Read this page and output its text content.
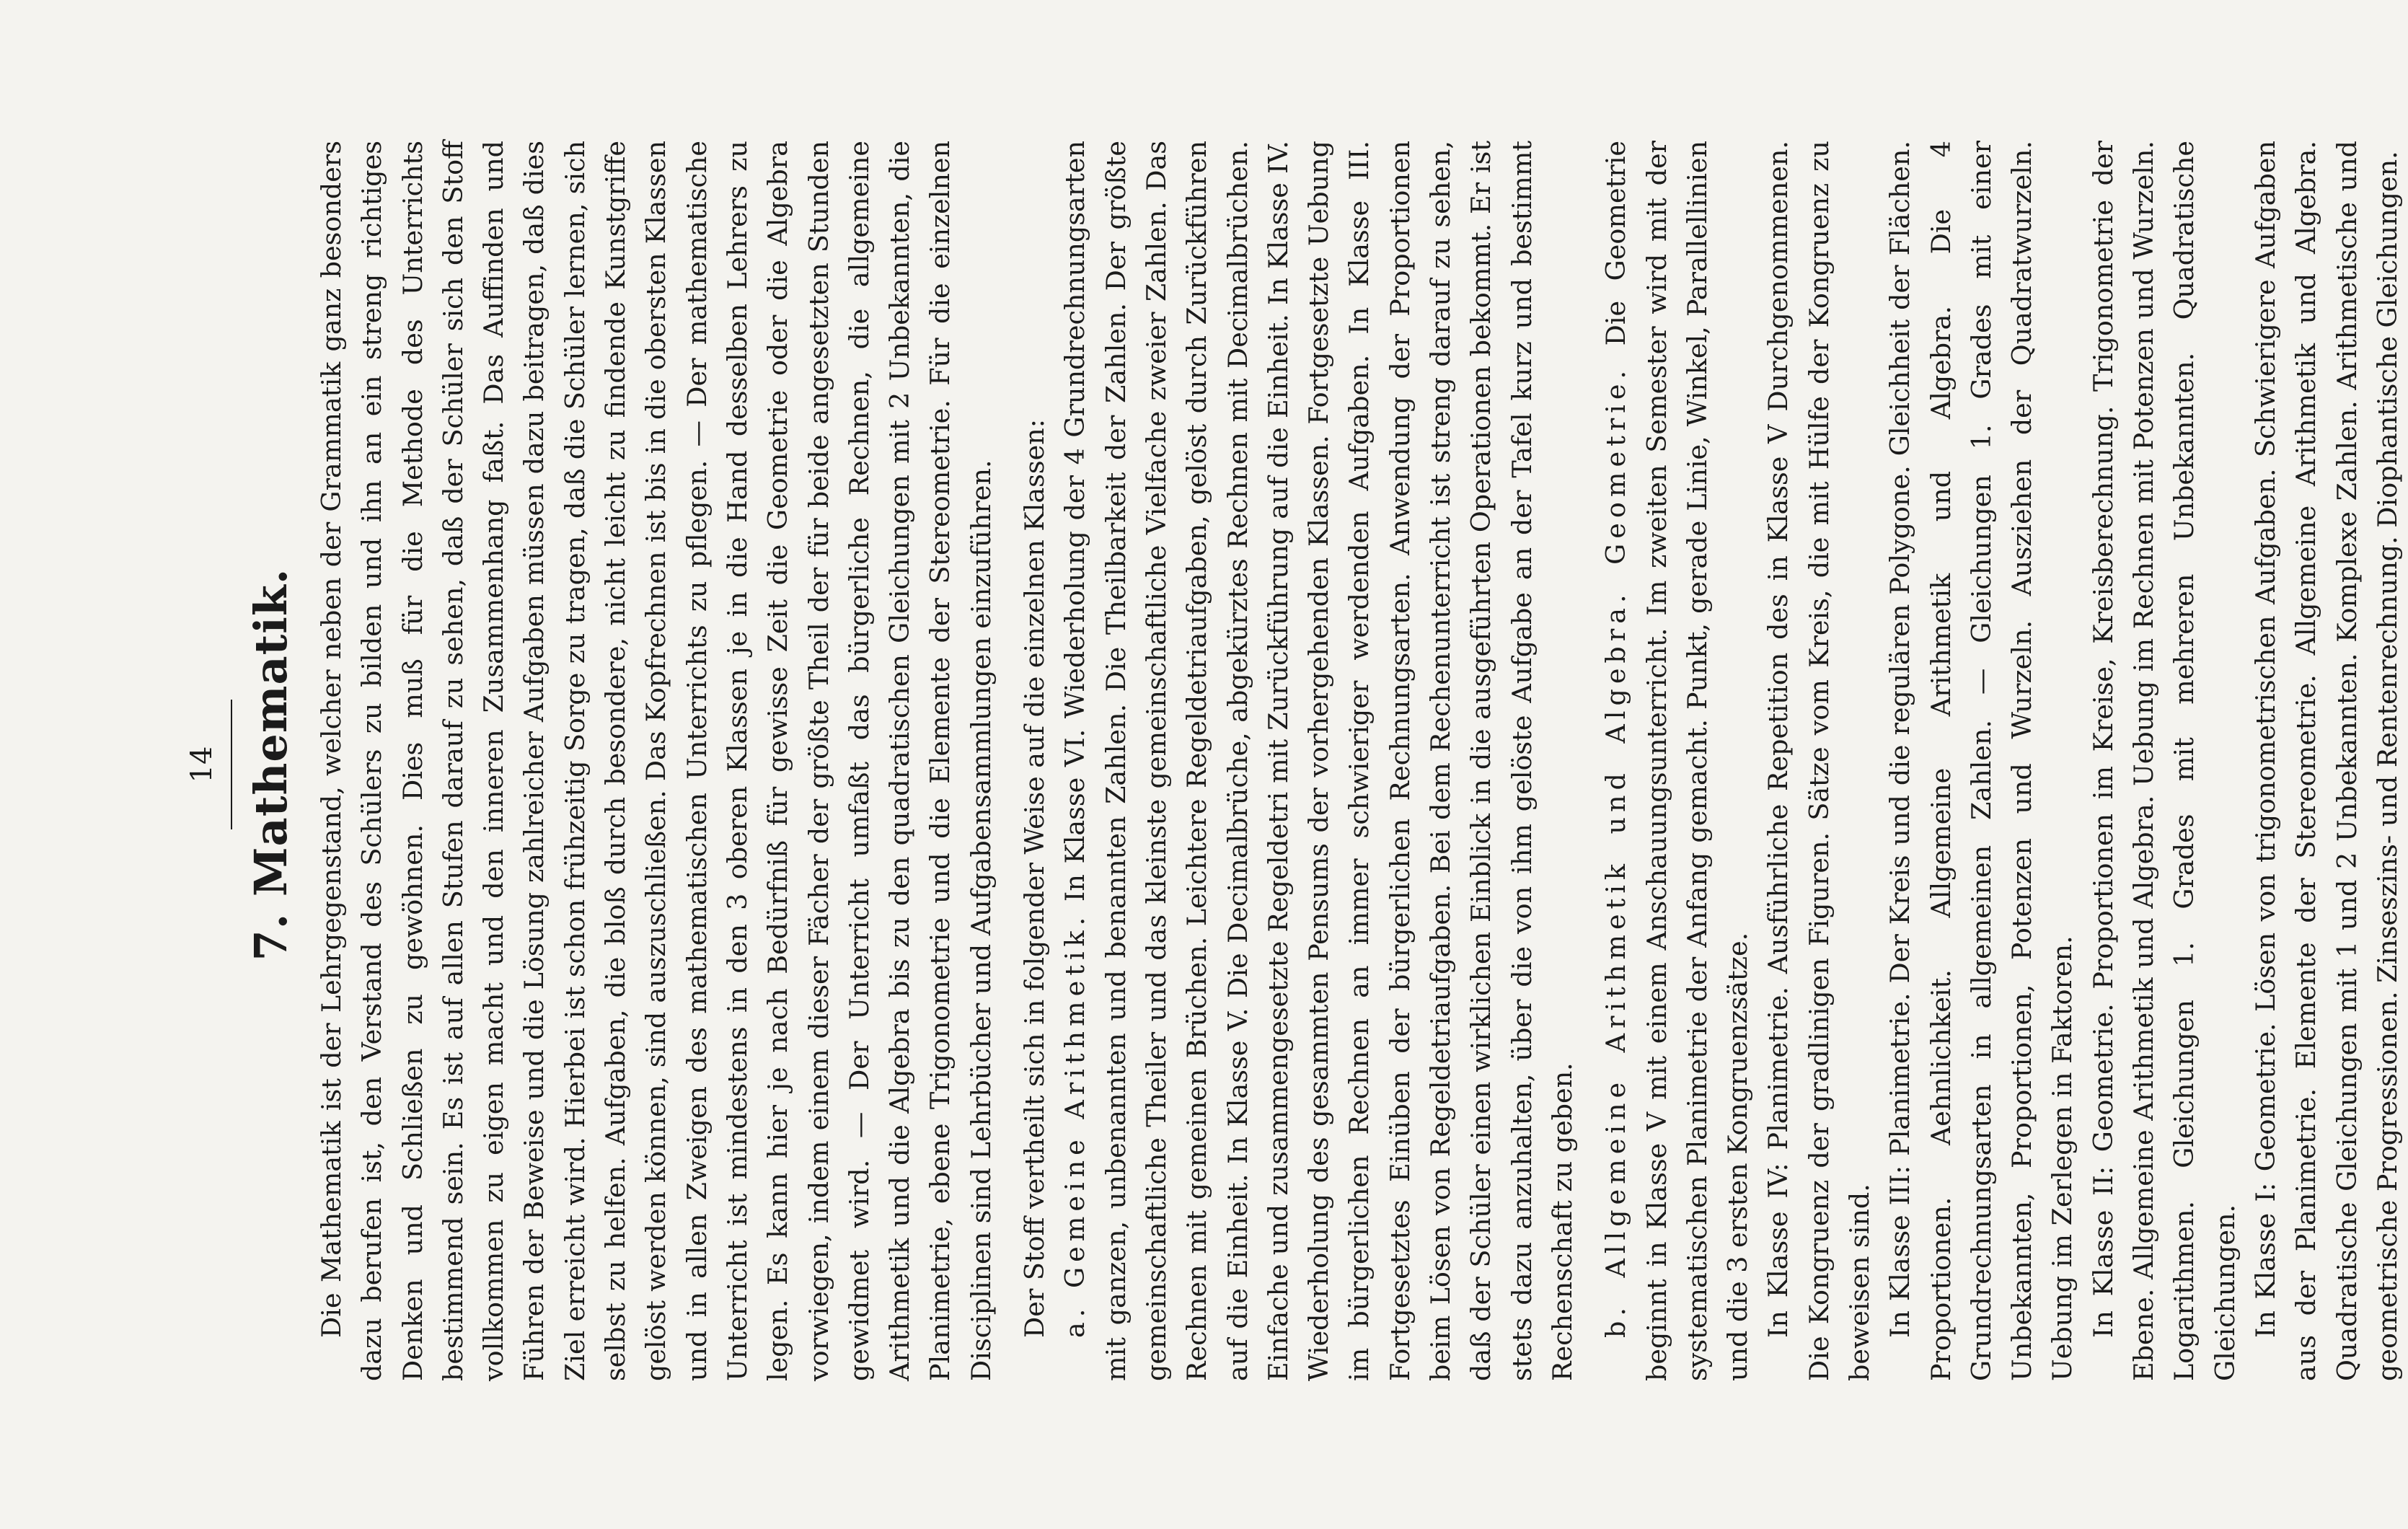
14 7. Mathematik. Die Mathematik ist der Lehrgegenstand, welcher neben der Grammatik ganz besonders dazu berufen ist, den Verstand des Schülers zu bilden und ihn an ein streng richtiges Denken und Schließen zu gewöhnen. Dies muß für die Methode des Unterrichts bestimmend sein. Es ist auf allen Stufen darauf zu sehen, daß der Schüler sich den Stoff vollkommen zu eigen macht und den inneren Zusammenhang faßt. Das Auffinden und Führen der Beweise und die Lösung zahlreicher Aufgaben müssen dazu beitragen, daß dies Ziel erreicht wird. Hierbei ist schon frühzeitig Sorge zu tragen, daß die Schüler lernen, sich selbst zu helfen. Aufgaben, die bloß durch besondere, nicht leicht zu findende Kunstgriffe gelöst werden können, sind auszuschließen. Das Kopfrechnen ist bis in die obersten Klassen und in allen Zweigen des mathematischen Unterrichts zu pflegen. — Der mathematische Unterricht ist mindestens in den 3 oberen Klassen je in die Hand desselben Lehrers zu legen. Es kann hier je nach Bedürfniß für gewisse Zeit die Geometrie oder die Algebra vorwiegen, indem einem dieser Fächer der größte Theil der für beide angesetzten Stunden gewidmet wird. — Der Unterricht umfaßt das bürgerliche Rechnen, die allgemeine Arithmetik und die Algebra bis zu den quadratischen Gleichungen mit 2 Unbekannten, die Planimetrie, ebene Trigonometrie und die Elemente der Stereometrie. Für die einzelnen Disciplinen sind Lehrbücher und Aufgabensammlungen einzuführen. Der Stoff vertheilt sich in folgender Weise auf die einzelnen Klassen: a. Gemeine Arithmetik. In Klasse VI. Wiederholung der 4 Grundrechnungsarten mit ganzen, unbenannten und benannten Zahlen. Die Theilbarkeit der Zahlen. Der größte gemeinschaftliche Theiler und das kleinste gemeinschaftliche Vielfache zweier Zahlen. Das Rechnen mit gemeinen Brüchen. Leichtere Regeldetriaufgaben, gelöst durch Zurückführen auf die Einheit. In Klasse V. Die Decimalbrüche, abgekürztes Rechnen mit Decimalbrüchen. Einfache und zusammengesetzte Regeldetri mit Zurückführung auf die Einheit. In Klasse IV. Wiederholung des gesammten Pensums der vorhergehenden Klassen. Fortgesetzte Uebung im bürgerlichen Rechnen an immer schwieriger werdenden Aufgaben. In Klasse III. Fortgesetztes Einüben der bürgerlichen Rechnungsarten. Anwendung der Proportionen beim Lösen von Regeldetriaufgaben. Bei dem Rechenunterricht ist streng darauf zu sehen, daß der Schüler einen wirklichen Einblick in die ausgeführten Operationen bekommt. Er ist stets dazu anzuhalten, über die von ihm gelöste Aufgabe an der Tafel kurz und bestimmt Rechenschaft zu geben. b. Allgemeine Arithmetik und Algebra. Geometrie. Die Geometrie beginnt in Klasse V mit einem Anschauungsunterricht. Im zweiten Semester wird mit der systematischen Planimetrie der Anfang gemacht. Punkt, gerade Linie, Winkel, Parallellinien und die 3 ersten Kongruenzsätze. In Klasse IV: Planimetrie. Ausführliche Repetition des in Klasse V Durchgenommenen. Die Kongruenz der gradlinigen Figuren. Sätze vom Kreis, die mit Hülfe der Kongruenz zu beweisen sind. In Klasse III: Planimetrie. Der Kreis und die regulären Polygone. Gleichheit der Flächen. Proportionen. Aehnlichkeit. Allgemeine Arithmetik und Algebra. Die 4 Grundrechnungsarten in allgemeinen Zahlen. — Gleichungen 1. Grades mit einer Unbekannten, Proportionen, Potenzen und Wurzeln. Ausziehen der Quadratwurzeln. Uebung im Zerlegen in Faktoren. In Klasse II: Geometrie. Proportionen im Kreise, Kreisberechnung. Trigonometrie der Ebene. Allgemeine Arithmetik und Algebra. Uebung im Rechnen mit Potenzen und Wurzeln. Logarithmen. Gleichungen 1. Grades mit mehreren Unbekannten. Quadratische Gleichungen. In Klasse I: Geometrie. Lösen von trigonometrischen Aufgaben. Schwierigere Aufgaben aus der Planimetrie. Elemente der Stereometrie. Allgemeine Arithmetik und Algebra. Quadratische Gleichungen mit 1 und 2 Unbekannten. Komplexe Zahlen. Arithmetische und geometrische Progressionen. Zinseszins- und Rentenrechnung. Diophantische Gleichungen.
